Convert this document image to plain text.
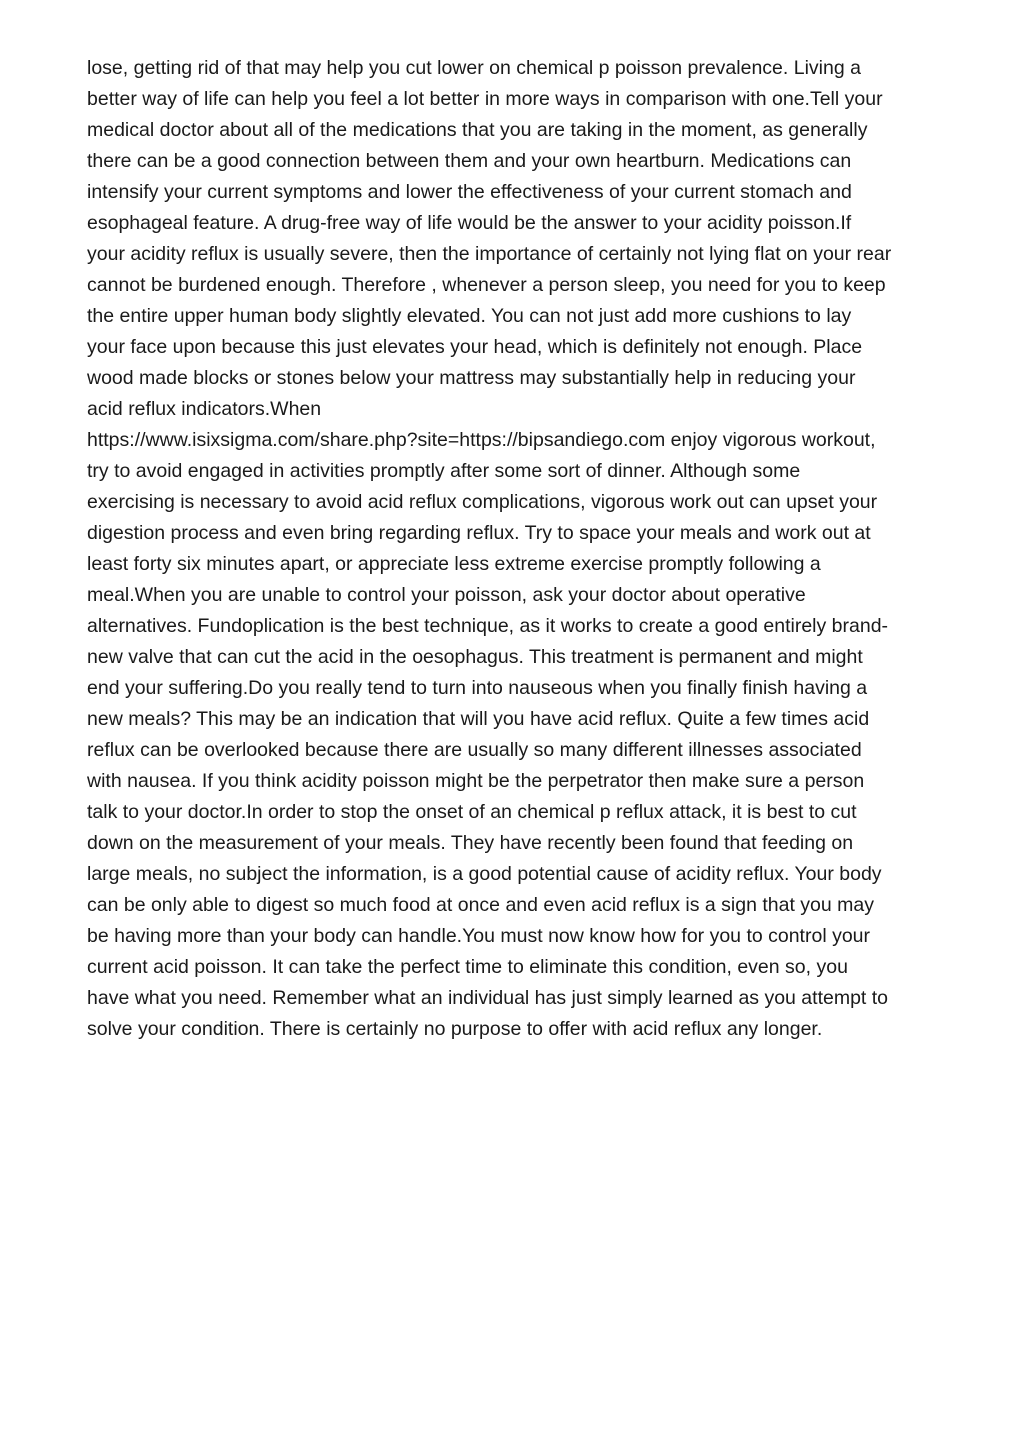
lose, getting rid of that may help you cut lower on chemical p poisson prevalence. Living a
better way of life can help you feel a lot better in more ways in comparison with one.Tell your
medical doctor about all of the medications that you are taking in the moment, as generally
there can be a good connection between them and your own heartburn. Medications can
intensify your current symptoms and lower the effectiveness of your current stomach and
esophageal feature. A drug-free way of life would be the answer to your acidity poisson.If
your acidity reflux is usually severe, then the importance of certainly not lying flat on your rear
cannot be burdened enough. Therefore , whenever a person sleep, you need for you to keep
the entire upper human body slightly elevated. You can not just add more cushions to lay
your face upon because this just elevates your head, which is definitely not enough. Place
wood made blocks or stones below your mattress may substantially help in reducing your
acid reflux indicators.When
https://www.isixsigma.com/share.php?site=https://bipsandiego.com enjoy vigorous workout,
try to avoid engaged in activities promptly after some sort of dinner. Although some
exercising is necessary to avoid acid reflux complications, vigorous work out can upset your
digestion process and even bring regarding reflux. Try to space your meals and work out at
least forty six minutes apart, or appreciate less extreme exercise promptly following a
meal.When you are unable to control your poisson, ask your doctor about operative
alternatives. Fundoplication is the best technique, as it works to create a good entirely brand-
new valve that can cut the acid in the oesophagus. This treatment is permanent and might
end your suffering.Do you really tend to turn into nauseous when you finally finish having a
new meals? This may be an indication that will you have acid reflux. Quite a few times acid
reflux can be overlooked because there are usually so many different illnesses associated
with nausea. If you think acidity poisson might be the perpetrator then make sure a person
talk to your doctor.In order to stop the onset of an chemical p reflux attack, it is best to cut
down on the measurement of your meals. They have recently been found that feeding on
large meals, no subject the information, is a good potential cause of acidity reflux. Your body
can be only able to digest so much food at once and even acid reflux is a sign that you may
be having more than your body can handle.You must now know how for you to control your
current acid poisson. It can take the perfect time to eliminate this condition, even so, you
have what you need. Remember what an individual has just simply learned as you attempt to
solve your condition. There is certainly no purpose to offer with acid reflux any longer.
